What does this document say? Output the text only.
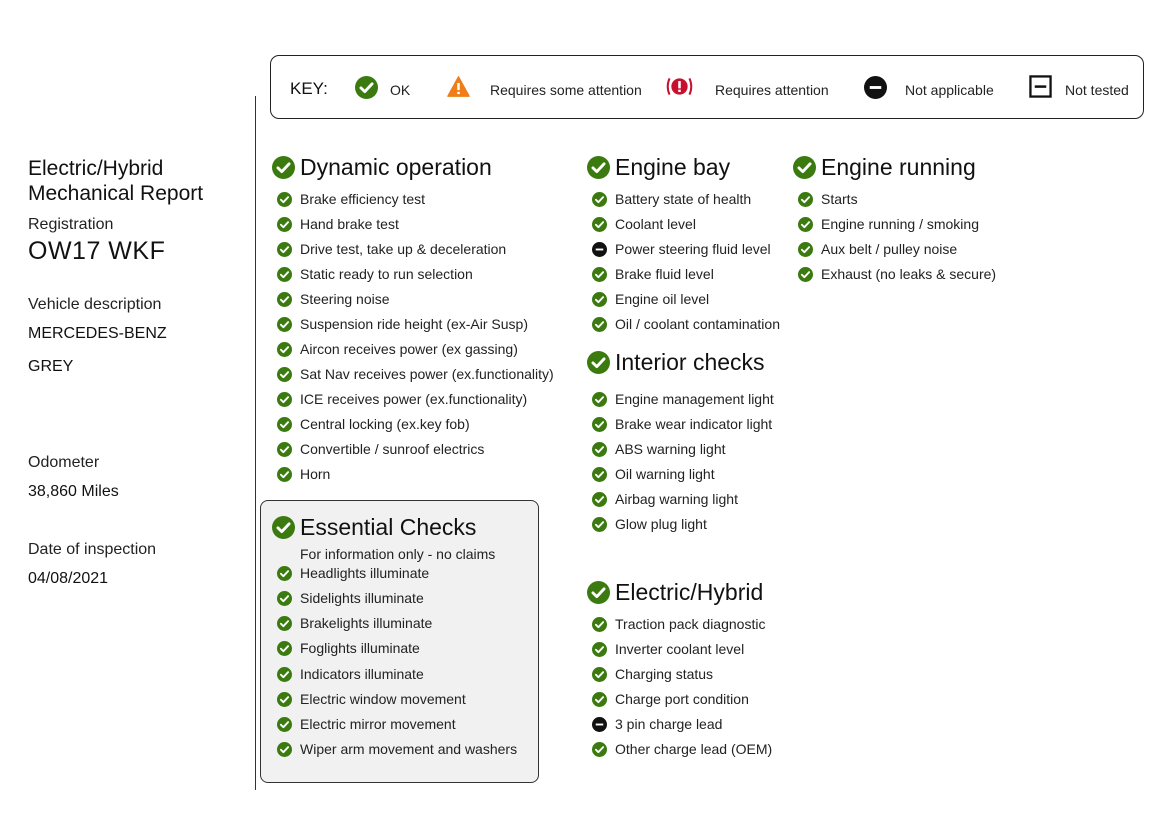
Electric/Hybrid
Mechanical Report
Registration
OW17 WKF
Vehicle description
MERCEDES-BENZ
GREY
Odometer
38,860 Miles
Date of inspection
04/08/2021
KEY:	OK	Requires some attention	Requires attention	Not applicable	Not tested
Dynamic operation
Brake efficiency test
Hand brake test
Drive test, take up & deceleration
Static ready to run selection
Steering noise
Suspension ride height (ex-Air Susp)
Aircon receives power (ex gassing)
Sat Nav receives power (ex.functionality)
ICE receives power (ex.functionality)
Central locking (ex.key fob)
Convertible / sunroof electrics
Horn
Essential Checks
For information only - no claims
Headlights illuminate
Sidelights illuminate
Brakelights illuminate
Foglights illuminate
Indicators illuminate
Electric window movement
Electric mirror movement
Wiper arm movement and washers
Engine bay
Battery state of health
Coolant level
Power steering fluid level
Brake fluid level
Engine oil level
Oil / coolant contamination
Interior checks
Engine management light
Brake wear indicator light
ABS warning light
Oil warning light
Airbag warning light
Glow plug light
Electric/Hybrid
Traction pack diagnostic
Inverter coolant level
Charging status
Charge port condition
3 pin charge lead
Other charge lead (OEM)
Engine running
Starts
Engine running / smoking
Aux belt / pulley noise
Exhaust (no leaks & secure)
